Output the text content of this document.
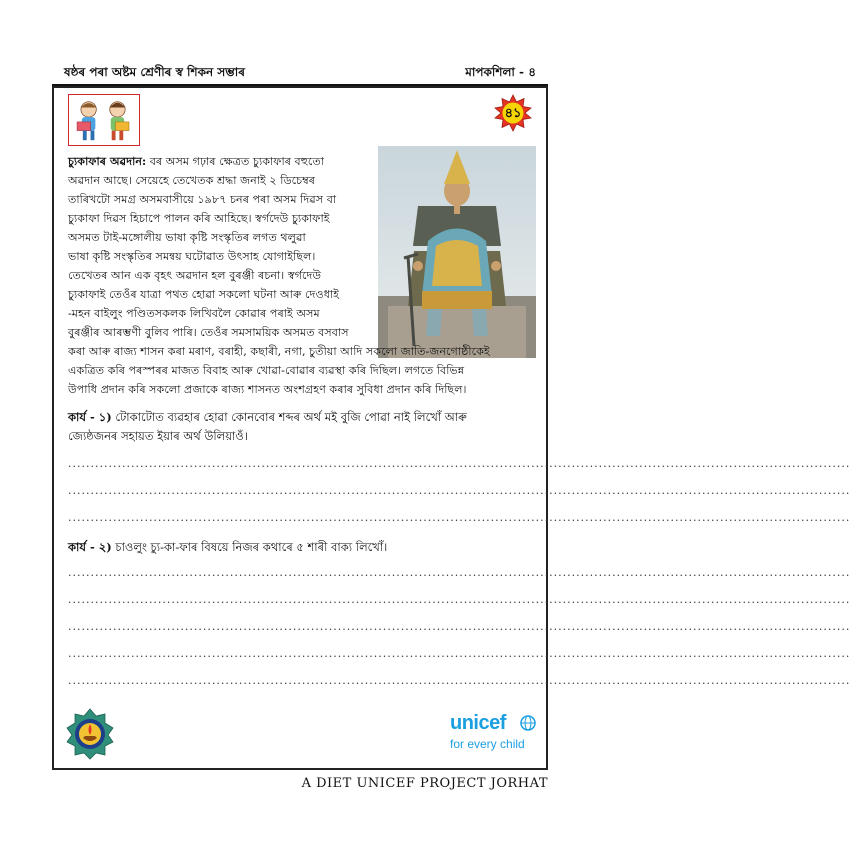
ষষ্ঠৰ পৰা অষ্টম শ্ৰেণীৰ স্ব শিকন সম্ভাৰ	মাপকশিলা - ৪
৪১
চ্যুকাফাৰ অৱদান: বৰ অসম গঢ়াৰ ক্ষেত্ৰত চ্যুকাফাৰ বহুতো
অৱদান আছে। সেয়েহে তেখেতক শ্ৰদ্ধা জনাই ২ ডিচেম্বৰ
তাৰিখটো সমগ্ৰ অসমবাসীয়ে ১৯৮৭ চনৰ পৰা অসম দিৱস বা
চ্যুকাফা দিৱস হিচাপে পালন কৰি আহিছে। স্বৰ্গদেউ চ্যুকাফাই
অসমত টাই-মঙ্গোলীয় ভাষা কৃষ্টি সংস্কৃতিৰ লগত থলুৱা
ভাষা কৃষ্টি সংস্কৃতিৰ সমন্বয় ঘটোৱাত উৎসাহ যোগাইছিল।
তেখেতৰ আন এক বৃহৎ অৱদান হল বুৰঞ্জী ৰচনা। স্বৰ্গদেউ
চ্যুকাফাই তেওঁৰ যাত্ৰা পথত হোৱা সকলো ঘটনা আৰু দেওধাই
-মহন বাইলুং পণ্ডিতসকলক লিখিবলৈ কোৱাৰ পৰাই অসম
বুৰঞ্জীৰ আৰম্ভণী বুলিব পাৰি। তেওঁৰ সমসাময়িক অসমত বসবাস
কৰা আৰু ৰাজ্য শাসন কৰা মৰাণ, বৰাহী, কছাৰী, নগা, চুতীয়া আদি সকলো জাতি-জনগোষ্ঠীকেই
একত্ৰিত কৰি পৰস্পৰৰ মাজত বিবাহ আৰু খোৱা-বোৱাৰ ব্যৱস্থা কৰি দিছিল। লগতে বিভিন্ন
উপাধি প্ৰদান কৰি সকলো প্ৰজাকে ৰাজ্য শাসনত অংশগ্ৰহণ কৰাৰ সুবিধা প্ৰদান কৰি দিছিল।
কাৰ্য - ১) টোকাটোত ব্যৱহাৰ হোৱা কোনবোৰ শব্দৰ অৰ্থ মই বুজি পোৱা নাই লিখোঁ আৰু
জ্যেষ্ঠজনৰ সহায়ত ইয়াৰ অৰ্থ উলিয়াওঁ।
..............................................................................................................................................................................
..............................................................................................................................................................................
..............................................................................................................................................................................
কাৰ্য - ২) চাওলুং চ্যু-কা-ফাৰ বিষয়ে নিজৰ কথাৰে ৫ শাৰী বাক্য লিখোঁ।
..............................................................................................................................................................................
..............................................................................................................................................................................
..............................................................................................................................................................................
..............................................................................................................................................................................
..............................................................................................................................................................................
unicef
for every child
A DIET UNICEF PROJECT JORHAT
